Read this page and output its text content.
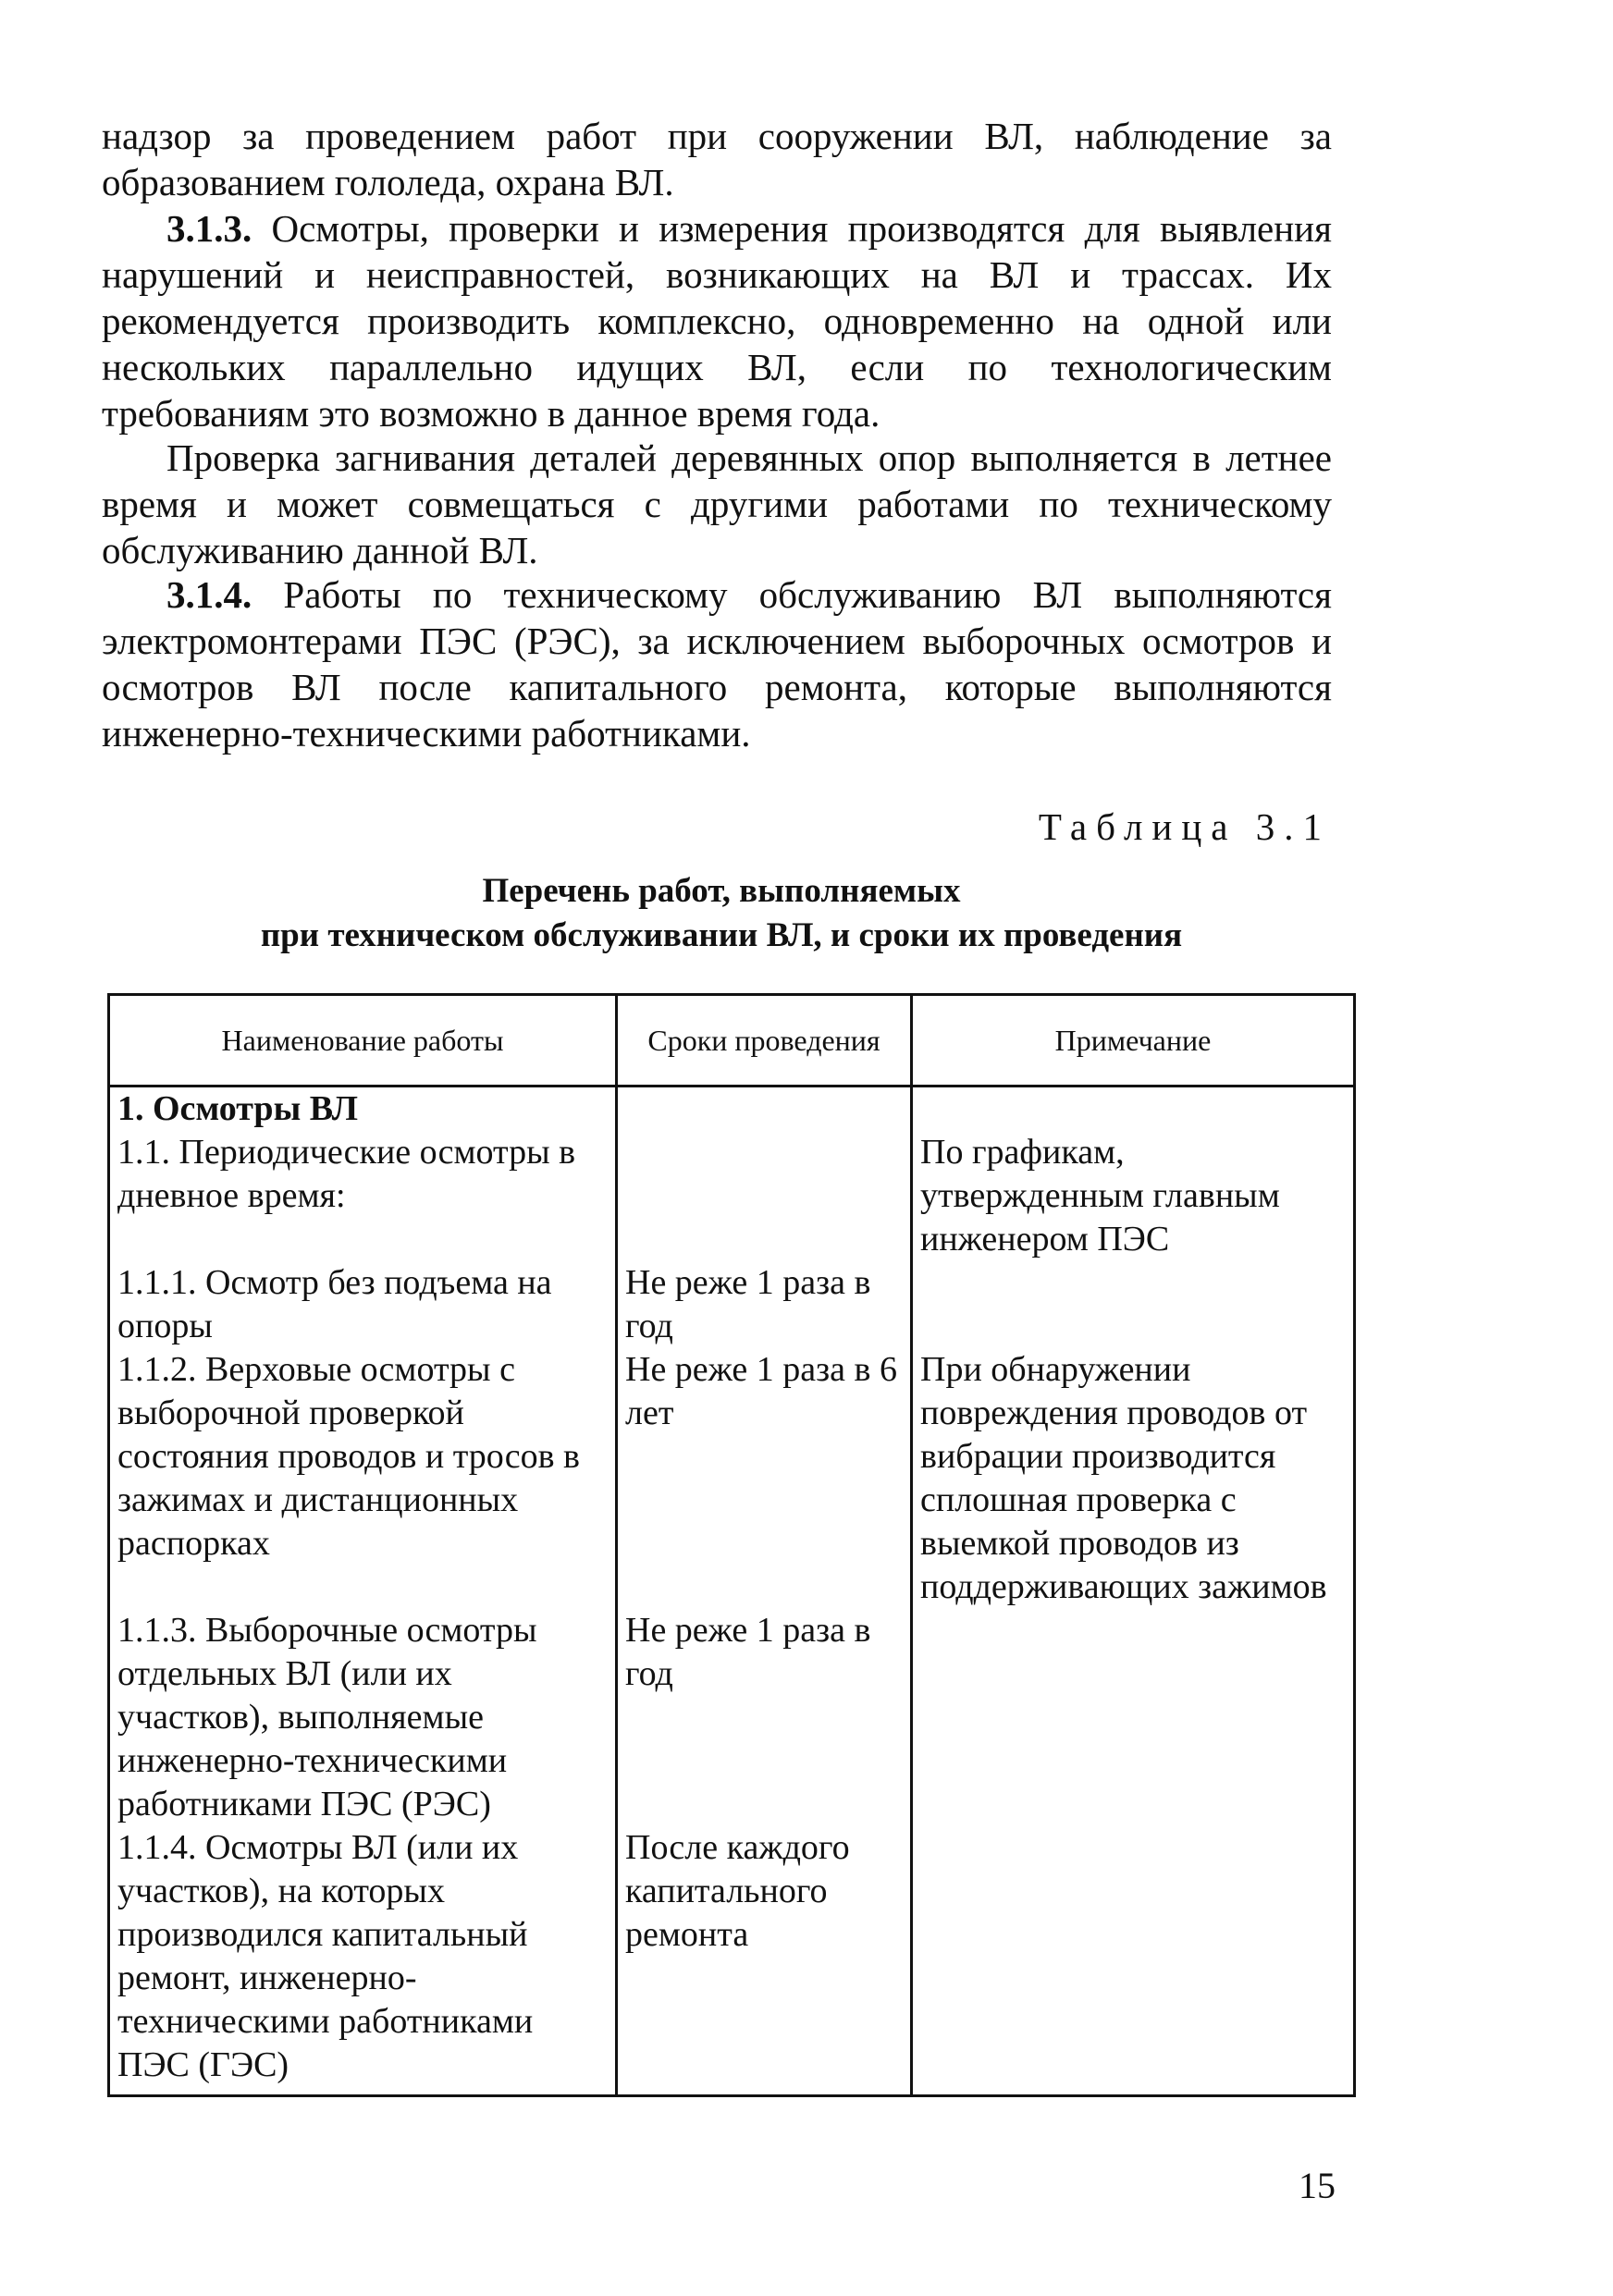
надзор за проведением работ при сооружении ВЛ, наблюдение за образованием гололеда, охрана ВЛ.

3.1.3. Осмотры, проверки и измерения производятся для выявления нарушений и неисправностей, возникающих на ВЛ и трассах. Их рекомендуется производить комплексно, одновременно на одной или нескольких параллельно идущих ВЛ, если по технологическим требованиям это возможно в данное время года.

Проверка загнивания деталей деревянных опор выполняется в летнее время и может совмещаться с другими работами по техническому обслуживанию данной ВЛ.

3.1.4. Работы по техническому обслуживанию ВЛ выполняются электромонтерами ПЭС (РЭС), за исключением выборочных осмотров и осмотров ВЛ после капитального ремонта, которые выполняются инженерно-техническими работниками.

Таблица 3.1
Перечень работ, выполняемых
при техническом обслуживании ВЛ, и сроки их проведения
Наименование работы	Сроки проведения	Примечание
1. Осмотры ВЛ		
1.1. Периодические осмотры в дневное время:		По графикам, утвержденным главным инженером ПЭС
1.1.1. Осмотр без подъема на опоры	Не реже 1 раза в год	
1.1.2. Верховые осмотры с выборочной проверкой состояния проводов и тросов в зажимах и дистанционных распорках	Не реже 1 раза в 6 лет	При обнаружении повреждения проводов от вибрации производится сплошная проверка с выемкой проводов из поддерживающих зажимов
1.1.3. Выборочные осмотры отдельных ВЛ (или их участков), выполняемые инженерно-техническими работниками ПЭС (РЭС)	Не реже 1 раза в год	
1.1.4. Осмотры ВЛ (или их участков), на которых производился капитальный ремонт, инженерно-техническими работниками ПЭС (ГЭС)	После каждого капитального ремонта	
15
